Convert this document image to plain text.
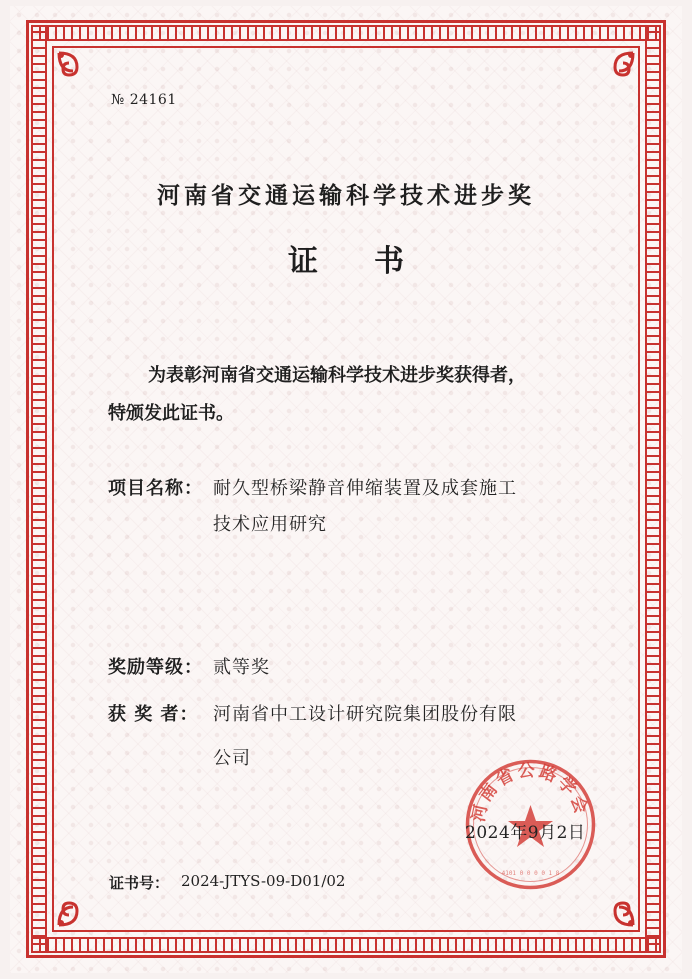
№ 24161
河南省交通运输科学技术进步奖
证书
为表彰河南省交通运输科学技术进步奖获得者，
特颁发此证书。
项目名称： 耐久型桥梁静音伸缩装置及成套施工
技术应用研究
奖励等级： 贰等奖
获 奖 者： 河南省中工设计研究院集团股份有限
公司
河南省公路学会
4101 0 0 0 0 1 8
2024年9月2日
证书号： 2024-JTYS-09-D01/02
